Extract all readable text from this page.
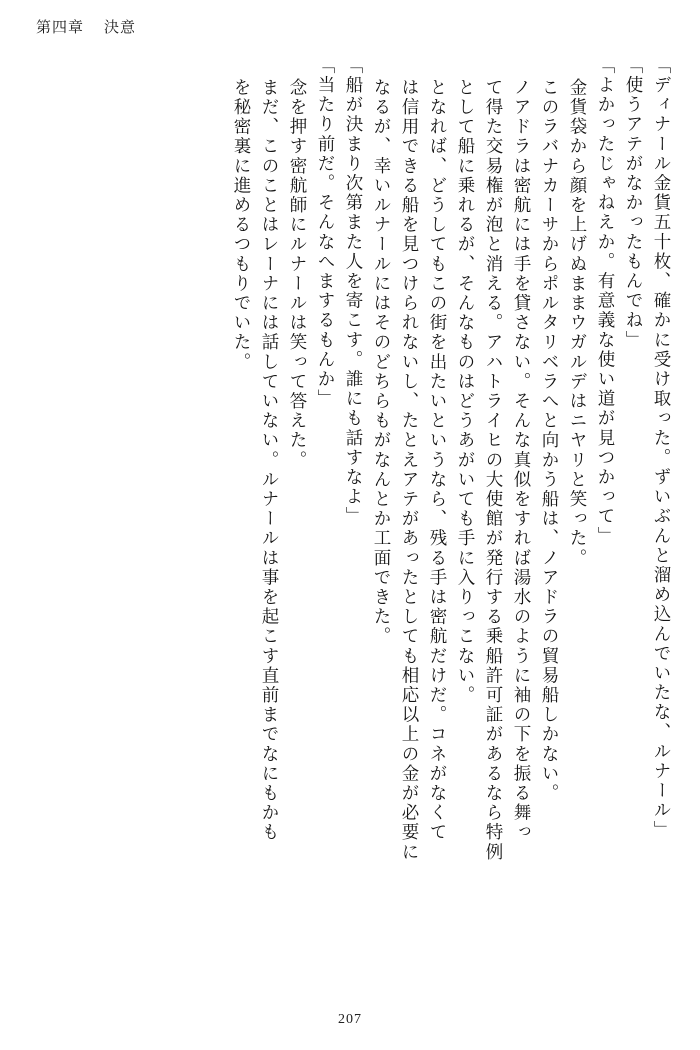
第四章 決意
「ディナール金貨五十枚、確かに受け取った。ずいぶんと溜め込んでいたな、ルナール」
「使うアテがなかったもんでね」
「よかったじゃねえか。有意義な使い道が見つかって」
金貨袋から顔を上げぬままウガルデはニヤリと笑った。
このラバナカーサからポルタリベラへと向かう船は、ノアドラの貿易船しかない。
ノアドラは密航には手を貸さない。そんな真似をすれば湯水のように袖の下を振る舞っ
て得た交易権が泡と消える。アハトライヒの大使館が発行する乗船許可証があるなら特例
として船に乗れるが、そんなものはどうあがいても手に入りっこない。
となれば、どうしてもこの街を出たいというなら、残る手は密航だけだ。コネがなくて
は信用できる船を見つけられないし、たとえアテがあったとしても相応以上の金が必要に
なるが、幸いルナールにはそのどちらもがなんとか工面できた。
「船が決まり次第また人を寄こす。誰にも話すなよ」
「当たり前だ。そんなへまするもんか」
念を押す密航師にルナールは笑って答えた。
まだ、このことはレーナには話していない。ルナールは事を起こす直前までなにもかも
を秘密裏に進めるつもりでいた。
207
